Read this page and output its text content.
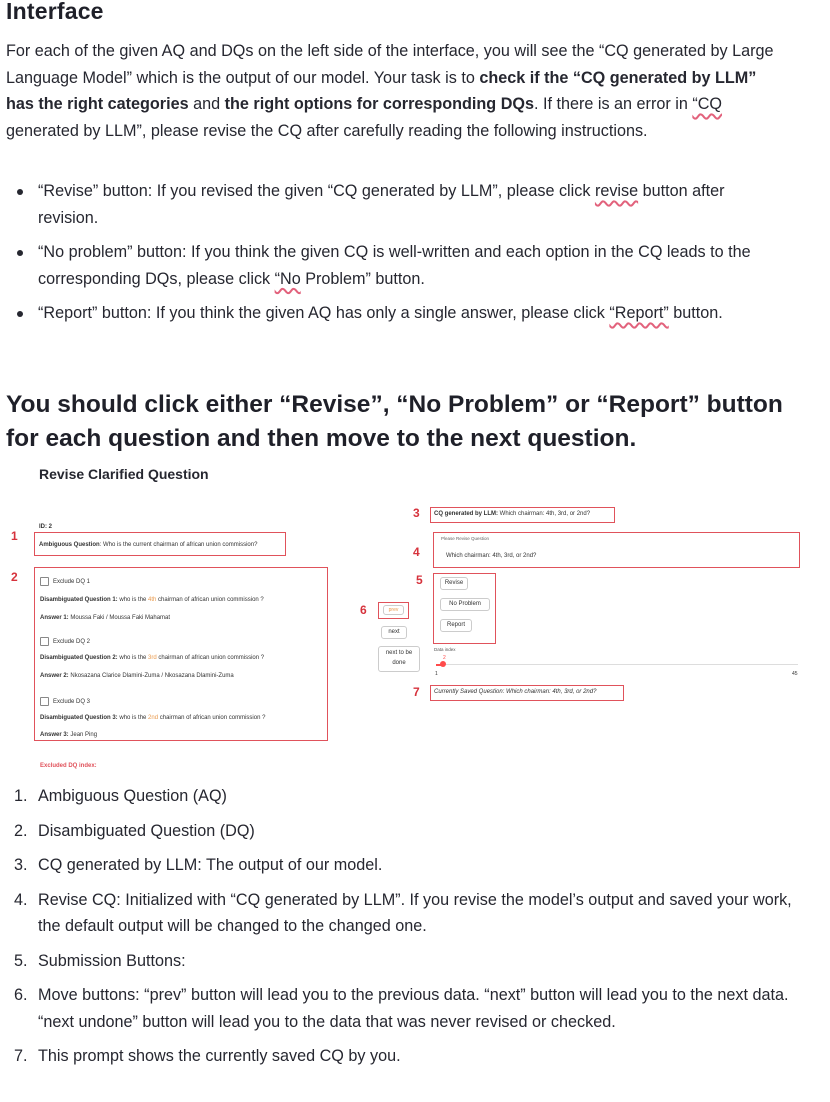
Interface

For each of the given AQ and DQs on the left side of the interface, you will see the “CQ generated by Large Language Model” which is the output of our model. Your task is to check if the “CQ generated by LLM” has the right categories and the right options for corresponding DQs. If there is an error in “CQ generated by LLM”, please revise the CQ after carefully reading the following instructions.

“Revise” button: If you revised the given “CQ generated by LLM”, please click revise button after revision.
“No problem” button: If you think the given CQ is well-written and each option in the CQ leads to the corresponding DQs, please click “No Problem” button.
“Report” button: If you think the given AQ has only a single answer, please click “Report” button.
You should click either “Revise”, “No Problem” or “Report” button for each question and then move to the next question.
Revise Clarified Question
1
2
3
4
5
6
7
ID: 2
Ambiguous Question: Who is the current chairman of african union commission?
Exclude DQ 1
Disambiguated Question 1: who is the 4th chairman of african union commission ?
Answer 1: Moussa Faki / Moussa Faki Mahamat
Exclude DQ 2
Disambiguated Question 2: who is the 3rd chairman of african union commission ?
Answer 2: Nkosazana Clarice Dlamini-Zuma / Nkosazana Dlamini-Zuma
Exclude DQ 3
Disambiguated Question 3: who is the 2nd chairman of african union commission ?
Answer 3: Jean Ping
Excluded DQ index:
CQ generated by LLM: Which chairman: 4th, 3rd, or 2nd?
Please Revise Question
Which chairman: 4th, 3rd, or 2nd?
Revise
No Problem
Report
prev
next
next to be
done
Data index
2
1	45
Currently Saved Question: Which chairman: 4th, 3rd, or 2nd?
1. Ambiguous Question (AQ)
2. Disambiguated Question (DQ)
3. CQ generated by LLM: The output of our model.
4. Revise CQ: Initialized with “CQ generated by LLM”. If you revise the model’s output and saved your work, the default output will be changed to the changed one.
5. Submission Buttons:
6. Move buttons: “prev” button will lead you to the previous data. “next” button will lead you to the next data. “next undone” button will lead you to the data that was never revised or checked.
7. This prompt shows the currently saved CQ by you.
